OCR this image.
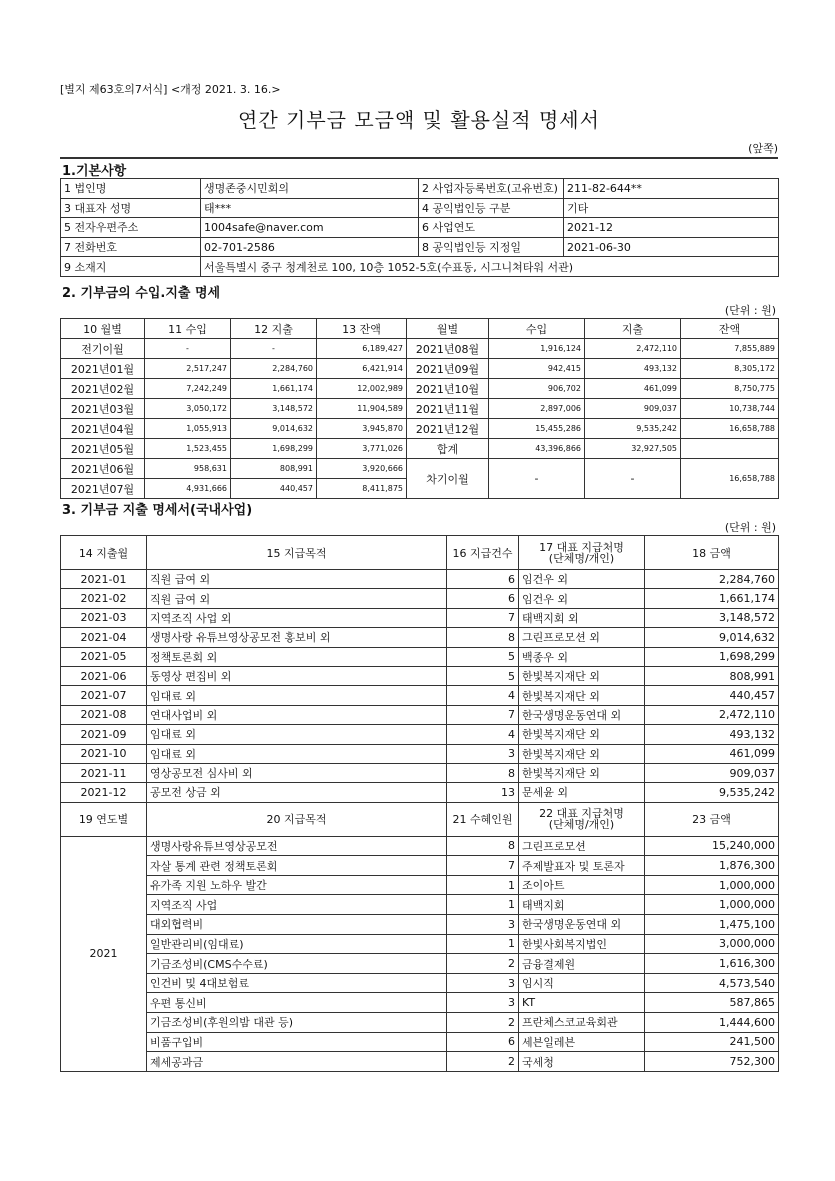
[별지 제63호의7서식] <개정 2021. 3. 16.>
연간 기부금 모금액 및 활용실적 명세서
(앞쪽)
1.기본사항
1 법인명	생명존중시민회의	2 사업자등록번호(고유번호)	211-82-644**
3 대표자 성명	태***	4 공익법인등 구분	기타
5 전자우편주소	1004safe@naver.com	6 사업연도	2021-12
7 전화번호	02-701-2586	8 공익법인등 지정일	2021-06-30
9 소재지	서울특별시 중구 청계천로 100, 10층 1052-5호(수표동, 시그니쳐타워 서관)		
2. 기부금의 수입.지출 명세
(단위 : 원)
10 월별	11 수입	12 지출	13 잔액	월별	수입	지출	잔액
전기이월	-	-	6,189,427	2021년08월	1,916,124	2,472,110	7,855,889
2021년01월	2,517,247	2,284,760	6,421,914	2021년09월	942,415	493,132	8,305,172
2021년02월	7,242,249	1,661,174	12,002,989	2021년10월	906,702	461,099	8,750,775
2021년03월	3,050,172	3,148,572	11,904,589	2021년11월	2,897,006	909,037	10,738,744
2021년04월	1,055,913	9,014,632	3,945,870	2021년12월	15,455,286	9,535,242	16,658,788
2021년05월	1,523,455	1,698,299	3,771,026	합계	43,396,866	32,927,505	
2021년06월	958,631	808,991	3,920,666	차기이월	-	-	16,658,788
2021년07월	4,931,666	440,457	8,411,875				
3. 기부금 지출 명세서(국내사업)
(단위 : 원)
14 지출월	15 지급목적	16 지급건수	17 대표 지급처명
(단체명/개인)	18 금액
2021-01	직원 급여 외	6	임건우 외	2,284,760
2021-02	직원 급여 외	6	임건우 외	1,661,174
2021-03	지역조직 사업 외	7	태백지회 외	3,148,572
2021-04	생명사랑 유튜브영상공모전 홍보비 외	8	그린프로모션 외	9,014,632
2021-05	정책토론회 외	5	백종우 외	1,698,299
2021-06	동영상 편집비 외	5	한빛복지재단 외	808,991
2021-07	임대료 외	4	한빛복지재단 외	440,457
2021-08	연대사업비 외	7	한국생명운동연대 외	2,472,110
2021-09	임대료 외	4	한빛복지재단 외	493,132
2021-10	임대료 외	3	한빛복지재단 외	461,099
2021-11	영상공모전 심사비 외	8	한빛복지재단 외	909,037
2021-12	공모전 상금 외	13	문세윤 외	9,535,242
19 연도별	20 지급목적	21 수혜인원	22 대표 지급처명
(단체명/개인)	23 금액
2021	생명사랑유튜브영상공모전	8	그린프로모션	15,240,000
	자살 통계 관련 정책토론회	7	주제발표자 및 토론자	1,876,300
	유가족 지원 노하우 발간	1	조이아트	1,000,000
	지역조직 사업	1	태백지회	1,000,000
	대외협력비	3	한국생명운동연대 외	1,475,100
	일반관리비(임대료)	1	한빛사회복지법인	3,000,000
	기금조성비(CMS수수료)	2	금융결제원	1,616,300
	인건비 및 4대보험료	3	임시직	4,573,540
	우편 통신비	3	KT	587,865
	기금조성비(후원의밤 대관 등)	2	프란체스코교육회관	1,444,600
	비품구입비	6	세븐일레븐	241,500
	제세공과금	2	국세청	752,300
